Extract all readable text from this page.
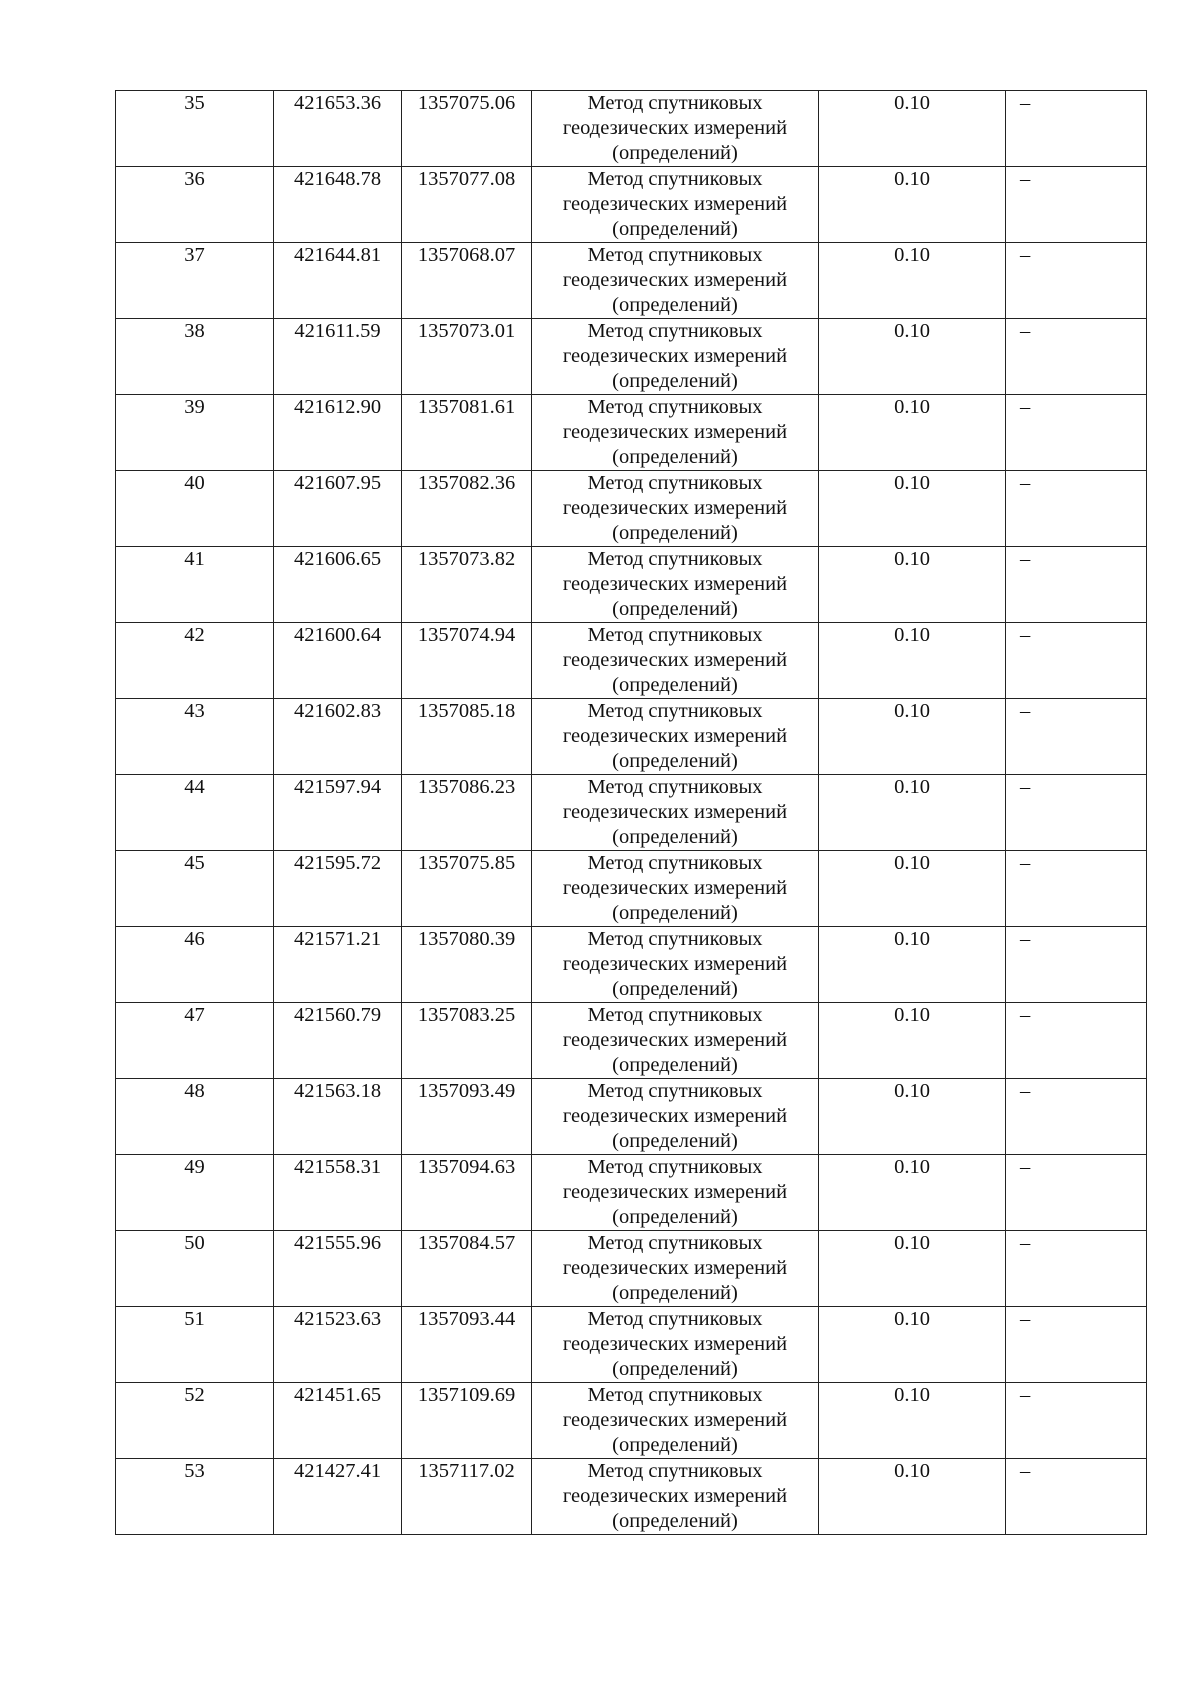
35	421653.36	1357075.06	Метод спутниковых
геодезических измерений
(определений)	0.10	–

36	421648.78	1357077.08	Метод спутниковых
геодезических измерений
(определений)	0.10	–

37	421644.81	1357068.07	Метод спутниковых
геодезических измерений
(определений)	0.10	–

38	421611.59	1357073.01	Метод спутниковых
геодезических измерений
(определений)	0.10	–

39	421612.90	1357081.61	Метод спутниковых
геодезических измерений
(определений)	0.10	–

40	421607.95	1357082.36	Метод спутниковых
геодезических измерений
(определений)	0.10	–

41	421606.65	1357073.82	Метод спутниковых
геодезических измерений
(определений)	0.10	–

42	421600.64	1357074.94	Метод спутниковых
геодезических измерений
(определений)	0.10	–

43	421602.83	1357085.18	Метод спутниковых
геодезических измерений
(определений)	0.10	–

44	421597.94	1357086.23	Метод спутниковых
геодезических измерений
(определений)	0.10	–

45	421595.72	1357075.85	Метод спутниковых
геодезических измерений
(определений)	0.10	–

46	421571.21	1357080.39	Метод спутниковых
геодезических измерений
(определений)	0.10	–

47	421560.79	1357083.25	Метод спутниковых
геодезических измерений
(определений)	0.10	–

48	421563.18	1357093.49	Метод спутниковых
геодезических измерений
(определений)	0.10	–

49	421558.31	1357094.63	Метод спутниковых
геодезических измерений
(определений)	0.10	–

50	421555.96	1357084.57	Метод спутниковых
геодезических измерений
(определений)	0.10	–

51	421523.63	1357093.44	Метод спутниковых
геодезических измерений
(определений)	0.10	–

52	421451.65	1357109.69	Метод спутниковых
геодезических измерений
(определений)	0.10	–

53	421427.41	1357117.02	Метод спутниковых
геодезических измерений
(определений)	0.10	–
